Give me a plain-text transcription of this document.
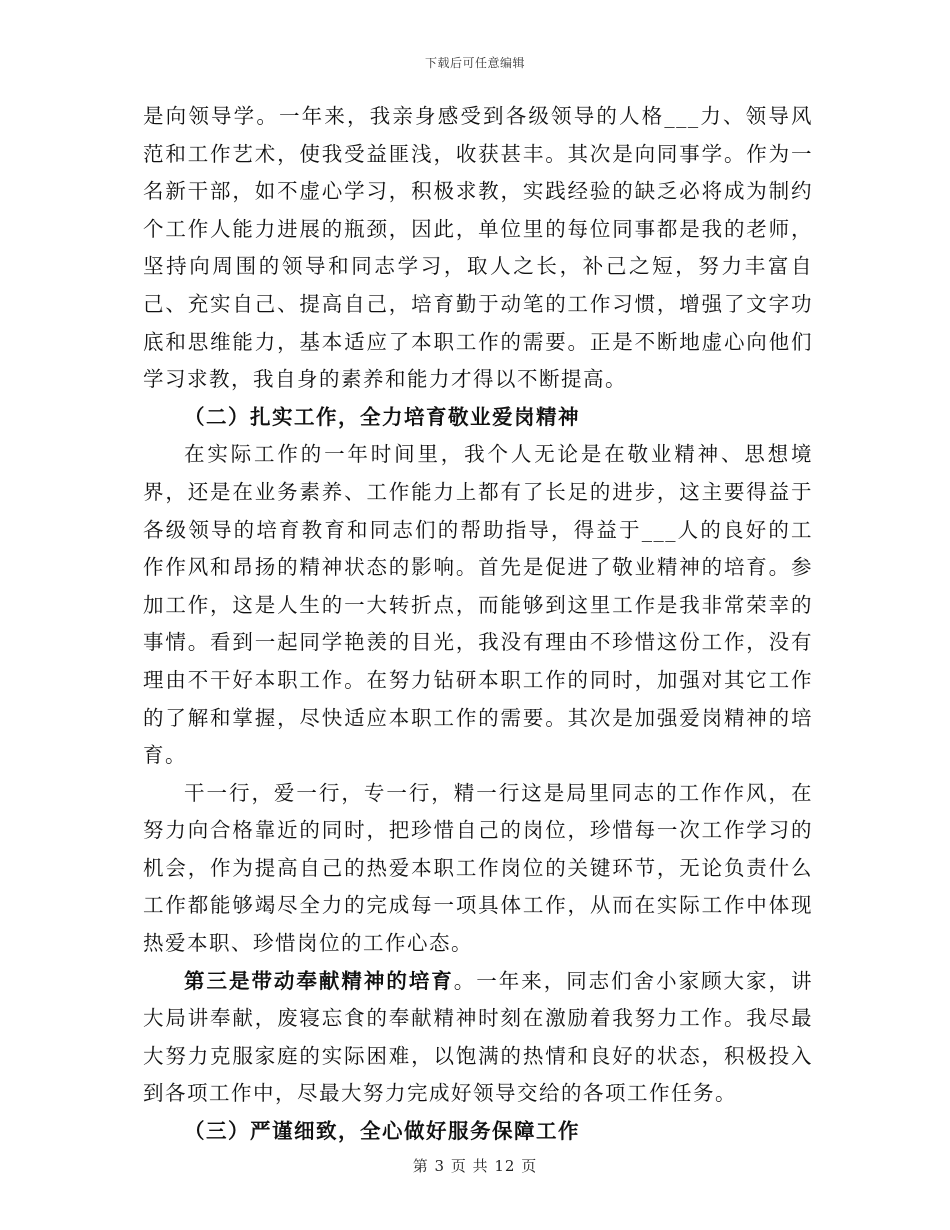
下载后可任意编辑

是向领导学。一年来，我亲身感受到各级领导的人格___力、领导风范和工作艺术，使我受益匪浅，收获甚丰。其次是向同事学。作为一名新干部，如不虚心学习，积极求教，实践经验的缺乏必将成为制约个工作人能力进展的瓶颈，因此，单位里的每位同事都是我的老师，坚持向周围的领导和同志学习，取人之长，补己之短，努力丰富自己、充实自己、提高自己，培育勤于动笔的工作习惯，增强了文字功底和思维能力，基本适应了本职工作的需要。正是不断地虚心向他们学习求教，我自身的素养和能力才得以不断提高。

（二）扎实工作，全力培育敬业爱岗精神

在实际工作的一年时间里，我个人无论是在敬业精神、思想境界，还是在业务素养、工作能力上都有了长足的进步，这主要得益于各级领导的培育教育和同志们的帮助指导，得益于___人的良好的工作作风和昂扬的精神状态的影响。首先是促进了敬业精神的培育。参加工作，这是人生的一大转折点，而能够到这里工作是我非常荣幸的事情。看到一起同学艳羡的目光，我没有理由不珍惜这份工作，没有理由不干好本职工作。在努力钻研本职工作的同时，加强对其它工作的了解和掌握，尽快适应本职工作的需要。其次是加强爱岗精神的培育。

干一行，爱一行，专一行，精一行这是局里同志的工作作风，在努力向合格靠近的同时，把珍惜自己的岗位，珍惜每一次工作学习的机会，作为提高自己的热爱本职工作岗位的关键环节，无论负责什么工作都能够竭尽全力的完成每一项具体工作，从而在实际工作中体现热爱本职、珍惜岗位的工作心态。

第三是带动奉献精神的培育。一年来，同志们舍小家顾大家，讲大局讲奉献，废寝忘食的奉献精神时刻在激励着我努力工作。我尽最大努力克服家庭的实际困难，以饱满的热情和良好的状态，积极投入到各项工作中，尽最大努力完成好领导交给的各项工作任务。

（三）严谨细致，全心做好服务保障工作

第 3 页 共 12 页
